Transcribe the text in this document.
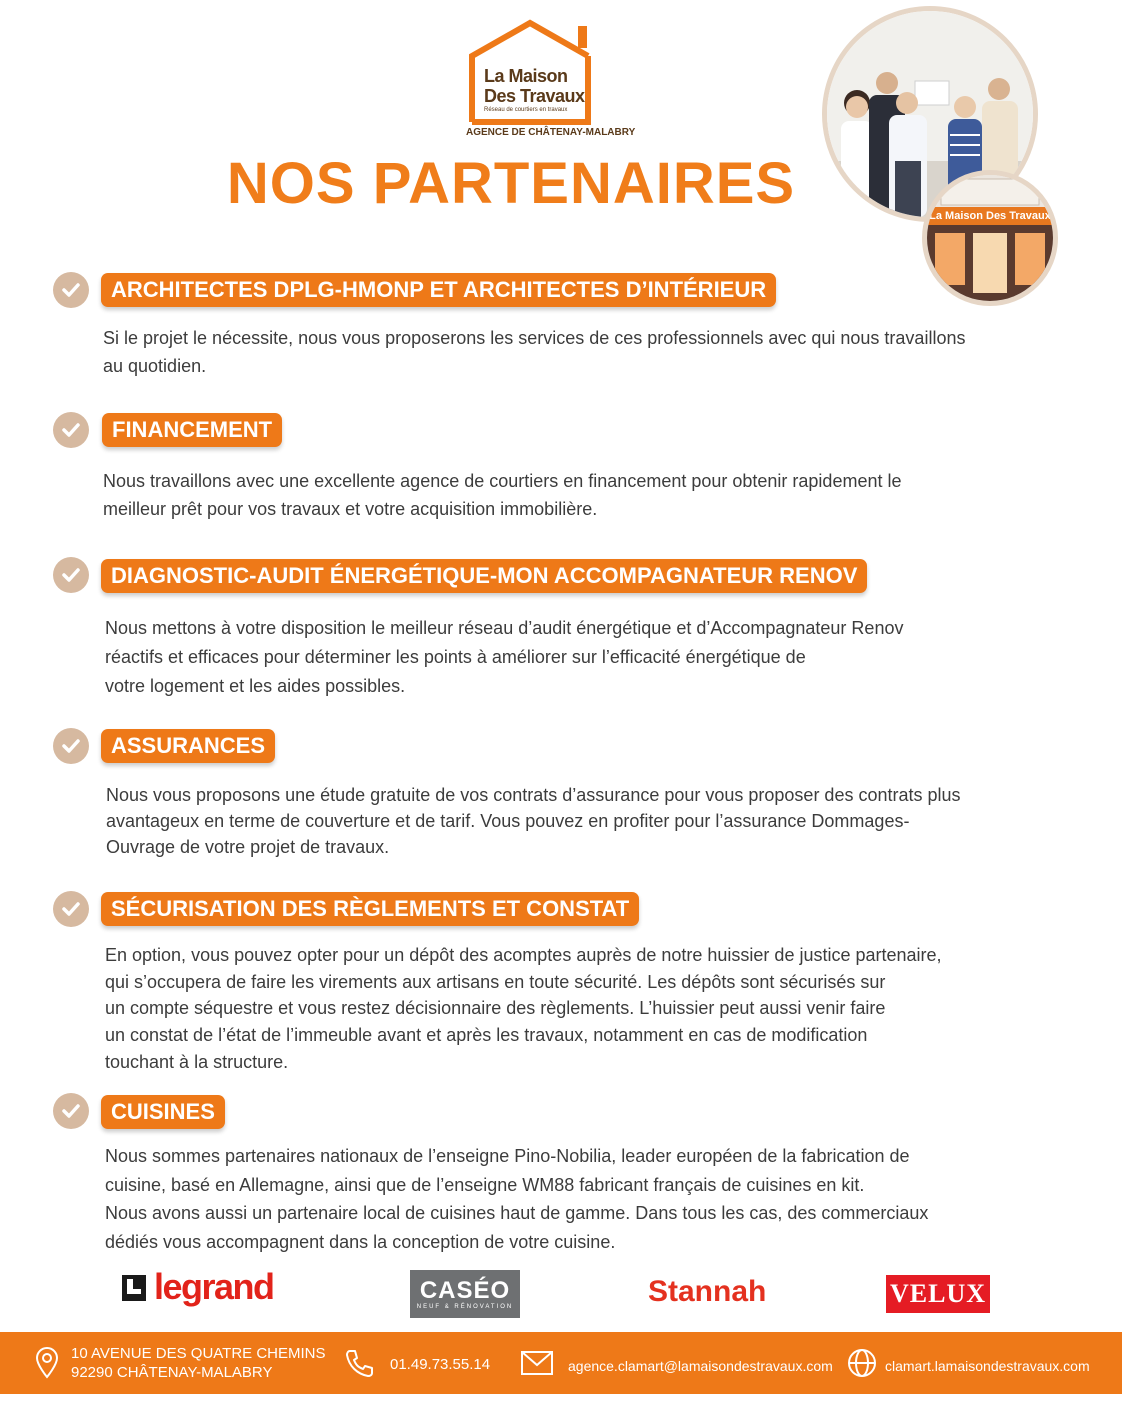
La Maison
Des Travaux
Réseau de courtiers en travaux
AGENCE DE CHÂTENAY-MALABRY
NOS PARTENAIRES	La Maison Des Travaux
ARCHITECTES DPLG-HMONP ET ARCHITECTES D’INTÉRIEUR
Si le projet le nécessite, nous vous proposerons les services de ces professionnels avec qui nous travaillons
au quotidien.
FINANCEMENT
Nous travaillons avec une excellente agence de courtiers en financement pour obtenir rapidement le
meilleur prêt pour vos travaux et votre acquisition immobilière.
DIAGNOSTIC-AUDIT ÉNERGÉTIQUE-MON ACCOMPAGNATEUR RENOV
Nous mettons à votre disposition le meilleur réseau d’audit énergétique et d’Accompagnateur Renov
réactifs et efficaces pour déterminer les points à améliorer sur l’efficacité énergétique de
votre logement et les aides possibles.
ASSURANCES
Nous vous proposons une étude gratuite de vos contrats d’assurance pour vous proposer des contrats plus
avantageux en terme de couverture et de tarif. Vous pouvez en profiter pour l’assurance Dommages-
Ouvrage de votre projet de travaux.
SÉCURISATION DES RÈGLEMENTS ET CONSTAT
En option, vous pouvez opter pour un dépôt des acomptes auprès de notre huissier de justice partenaire,
qui s’occupera de faire les virements aux artisans en toute sécurité. Les dépôts sont sécurisés sur
un compte séquestre et vous restez décisionnaire des règlements. L’huissier peut aussi venir faire
un constat de l’état de l’immeuble avant et après les travaux, notamment en cas de modification
touchant à la structure.
CUISINES
Nous sommes partenaires nationaux de l’enseigne Pino-Nobilia, leader européen de la fabrication de
cuisine, basé en Allemagne, ainsi que de l’enseigne WM88 fabricant français de cuisines en kit.
Nous avons aussi un partenaire local de cuisines haut de gamme. Dans tous les cas, des commerciaux
dédiés vous accompagnent dans la conception de votre cuisine.
legrand	CASÉO
NEUF & RÉNOVATION	Stannah	VELUX
10 AVENUE DES QUATRE CHEMINS
92290 CHÂTENAY-MALABRY	01.49.73.55.14	agence.clamart@lamaisondestravaux.com	clamart.lamaisondestravaux.com
